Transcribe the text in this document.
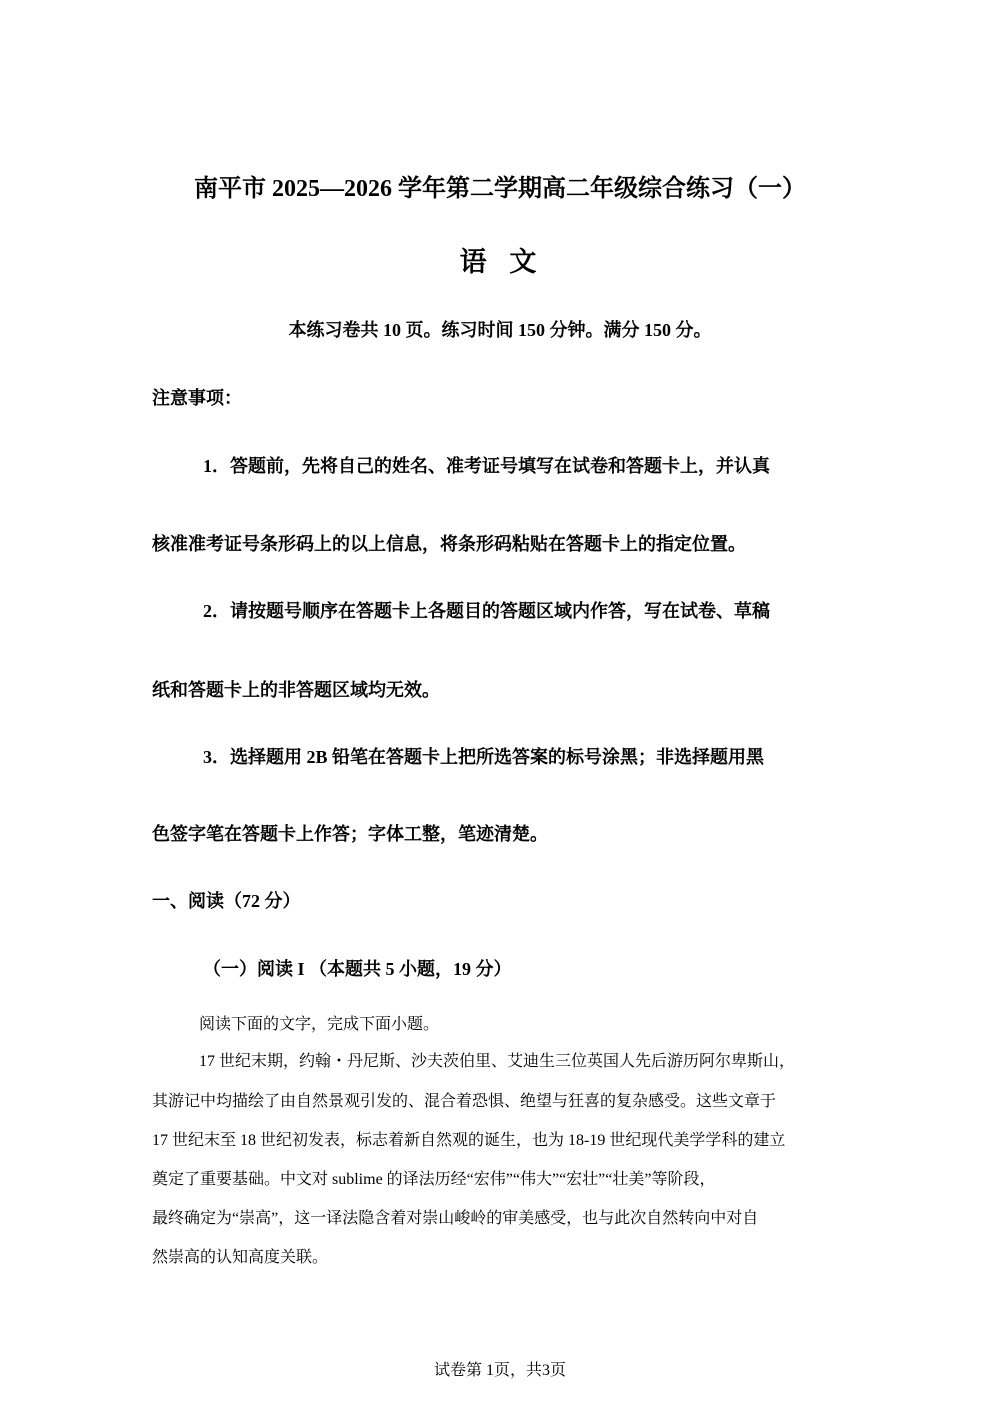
南平市 2025—2026 学年第二学期高二年级综合练习（一）
语 文
本练习卷共 10 页。练习时间 150 分钟。满分 150 分。
注意事项：
1．答题前，先将自己的姓名、准考证号填写在试卷和答题卡上，并认真
核准准考证号条形码上的以上信息，将条形码粘贴在答题卡上的指定位置。
2．请按题号顺序在答题卡上各题目的答题区域内作答，写在试卷、草稿
纸和答题卡上的非答题区域均无效。
3．选择题用 2B 铅笔在答题卡上把所选答案的标号涂黑；非选择题用黑
色签字笔在答题卡上作答；字体工整，笔迹清楚。
一、阅读（72 分）
（一）阅读 I （本题共 5 小题，19 分）
阅读下面的文字，完成下面小题。
17 世纪末期，约翰・丹尼斯、沙夫茨伯里、艾迪生三位英国人先后游历阿尔卑斯山，
其游记中均描绘了由自然景观引发的、混合着恐惧、绝望与狂喜的复杂感受。这些文章于
17 世纪末至 18 世纪初发表，标志着新自然观的诞生，也为 18-19 世纪现代美学学科的建立
奠定了重要基础。中文对 sublime 的译法历经“宏伟”“伟大”“宏壮”“壮美”等阶段，
最终确定为“崇高”，这一译法隐含着对崇山峻岭的审美感受，也与此次自然转向中对自
然崇高的认知高度关联。
试卷第 1页，共3页
